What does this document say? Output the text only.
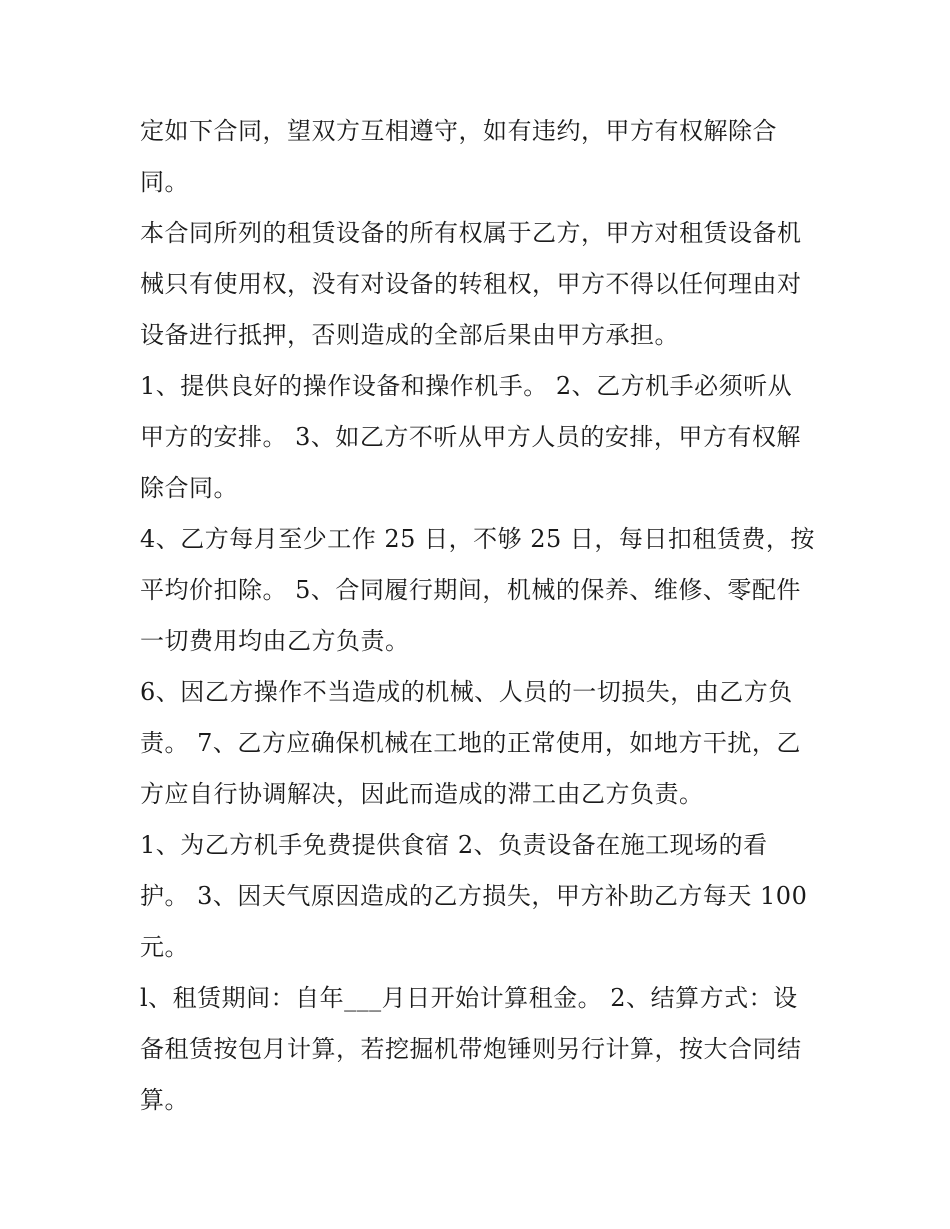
定如下合同，望双方互相遵守，如有违约，甲方有权解除合
同。
本合同所列的租赁设备的所有权属于乙方，甲方对租赁设备机
械只有使用权，没有对设备的转租权，甲方不得以任何理由对
设备进行抵押，否则造成的全部后果由甲方承担。
1、提供良好的操作设备和操作机手。 2、乙方机手必须听从
甲方的安排。 3、如乙方不听从甲方人员的安排，甲方有权解
除合同。
4、乙方每月至少工作 25 日，不够 25 日，每日扣租赁费，按
平均价扣除。 5、合同履行期间，机械的保养、维修、零配件
一切费用均由乙方负责。
6、因乙方操作不当造成的机械、人员的一切损失，由乙方负
责。 7、乙方应确保机械在工地的正常使用，如地方干扰，乙
方应自行协调解决，因此而造成的滞工由乙方负责。
1、为乙方机手免费提供食宿 2、负责设备在施工现场的看
护。 3、因天气原因造成的乙方损失，甲方补助乙方每天 100
元。
l、租赁期间：自年___月日开始计算租金。 2、结算方式：设
备租赁按包月计算，若挖掘机带炮锤则另行计算，按大合同结
算。
